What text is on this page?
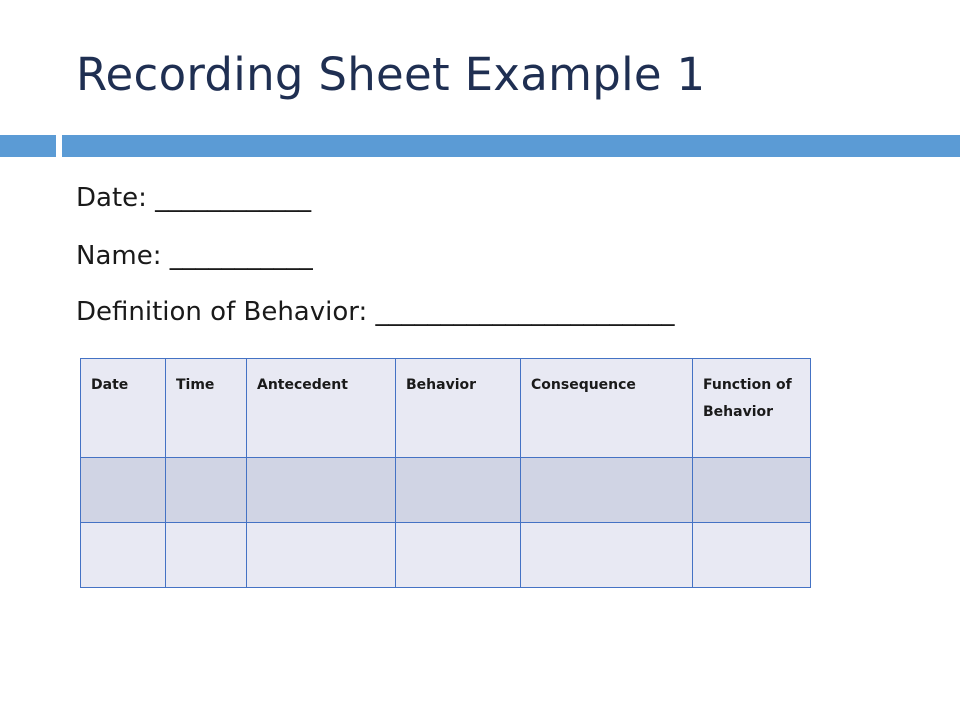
Recording Sheet Example 1
Date: ____________
Name: ___________
Definition of Behavior: _______________________
Date	Time	Antecedent	Behavior	Consequence	Function of Behavior
